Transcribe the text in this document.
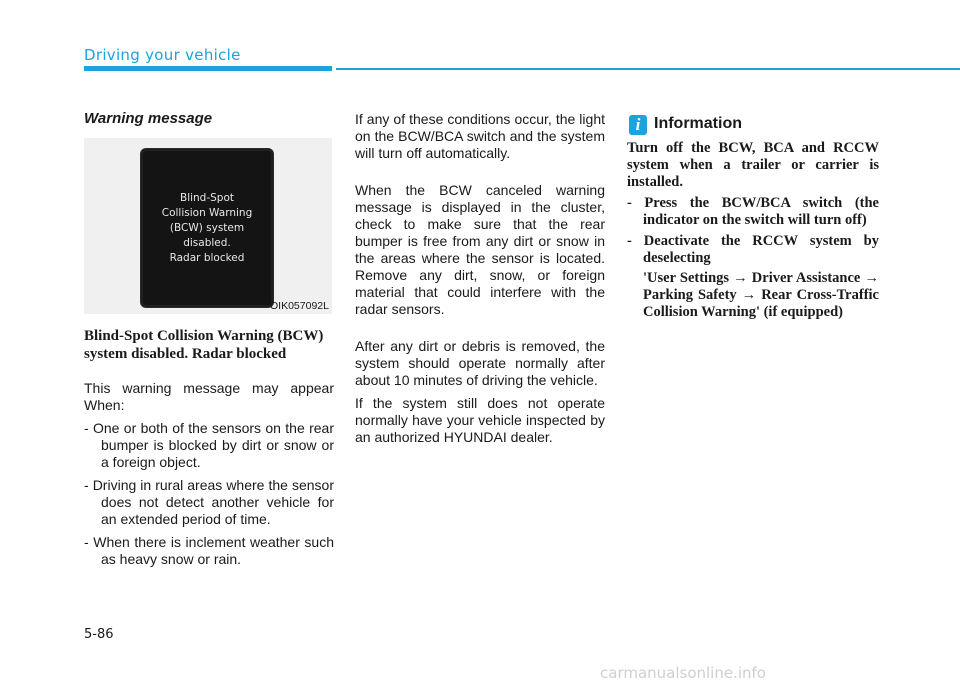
Driving your vehicle
Warning message
Blind-Spot
Collision Warning
(BCW) system
disabled.
Radar blocked
OIK057092L
Blind-Spot Collision Warning (BCW) system disabled. Radar blocked

This warning message may appear When:

- One or both of the sensors on the rear bumper is blocked by dirt or snow or a foreign object.
- Driving in rural areas where the sensor does not detect another vehicle for an extended period of time.
- When there is inclement weather such as heavy snow or rain.

If any of these conditions occur, the light on the BCW/BCA switch and the system will turn off automatically.

When the BCW canceled warning message is displayed in the cluster, check to make sure that the rear bumper is free from any dirt or snow in the areas where the sensor is located. Remove any dirt, snow, or foreign material that could interfere with the radar sensors.

After any dirt or debris is removed, the system should operate normally after about 10 minutes of driving the vehicle.

If the system still does not operate normally have your vehicle inspected by an authorized HYUNDAI dealer.

i Information

Turn off the BCW, BCA and RCCW system when a trailer or carrier is installed.

- Press the BCW/BCA switch (the indicator on the switch will turn off)
- Deactivate the RCCW system by deselecting
'User Settings → Driver Assistance → Parking Safety → Rear Cross-Traffic Collision Warning' (if equipped)
5-86
carmanualsonline.info
